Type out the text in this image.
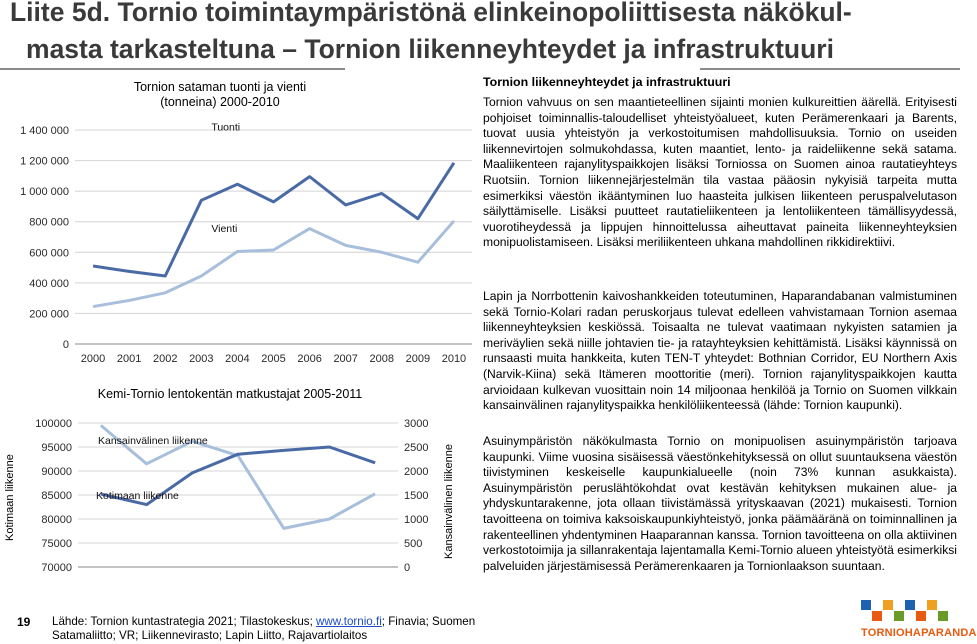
Liite 5d. Tornio toimintaympäristönä elinkeinopoliittisesta näkökul-
masta tarkasteltuna – Tornion liikenneyhteydet ja infrastruktuuri
Tornion sataman tuonti ja vienti
(tonneina) 2000-2010
0
200 000
400 000
600 000
800 000
1 000 000
1 200 000
1 400 000
2000 2001 2002 2003 2004 2005 2006 2007 2008 2009 2010
Tuonti
Vienti
Kemi-Tornio lentokentän matkustajat 2005-2011
70000
75000
80000
85000
90000
95000
100000
0
500
1000
1500
2000
2500
3000
Kansainvälinen liikenne
Kotimaan liikenne
Kotimaan liikenne	Kansainvälinen liikenne
19 Lähde: Tornion kuntastrategia 2021; Tilastokeskus; www.tornio.fi; Finavia; Suomen
Satamaliitto; VR; Liikennevirasto; Lapin Liitto, Rajavartiolaitos
Tornion liikenneyhteydet ja infrastruktuuri
Tornion vahvuus on sen maantieteellinen sijainti monien kulkureittien äärellä. Erityisesti pohjoiset toiminnallis-taloudelliset yhteistyöalueet, kuten Perämerenkaari ja Barents, tuovat uusia yhteistyön ja verkostoitumisen mahdollisuuksia. Tornio on useiden liikennevirtojen solmukohdassa, kuten maantiet, lento- ja raideliikenne sekä satama. Maaliikenteen rajanylityspaikkojen lisäksi Torniossa on Suomen ainoa rautatieyhteys Ruotsiin. Tornion liikennejärjestelmän tila vastaa pääosin nykyisiä tarpeita mutta esimerkiksi väestön ikääntyminen luo haasteita julkisen liikenteen peruspalvelutason säilyttämiselle. Lisäksi puutteet rautatieliikenteen ja lentoliikenteen tämällisyydessä, vuorotiheydessä ja lippujen hinnoittelussa aiheuttavat paineita liikenneyhteyksien monipuolistamiseen. Lisäksi meriliikenteen uhkana mahdollinen rikkidirektiivi.
Lapin ja Norrbottenin kaivoshankkeiden toteutuminen, Haparandabanan valmistuminen sekä Tornio-Kolari radan peruskorjaus tulevat edelleen vahvistamaan Tornion asemaa liikenneyhteyksien keskiössä. Toisaalta ne tulevat vaatimaan nykyisten satamien ja meriväylien sekä niille johtavien tie- ja ratayhteyksien kehittämistä. Lisäksi käynnissä on runsaasti muita hankkeita, kuten TEN-T yhteydet: Bothnian Corridor, EU Northern Axis (Narvik-Kiina) sekä Itämeren moottoritie (meri). Tornion rajanylityspaikkojen kautta arvioidaan kulkevan vuosittain noin 14 miljoonaa henkilöä ja Tornio on Suomen vilkkain kansainvälinen rajanylityspaikka henkilöliikenteessä (lähde: Tornion kaupunki).
Asuinympäristön näkökulmasta Tornio on monipuolisen asuinympäristön tarjoava kaupunki. Viime vuosina sisäisessä väestönkehityksessä on ollut suuntauksena väestön tiivistyminen keskeiselle kaupunkialueelle (noin 73% kunnan asukkaista). Asuinympäristön peruslähtökohdat ovat kestävän kehityksen mukainen alue- ja yhdyskuntarakenne, jota ollaan tiivistämässä yrityskaavan (2021) mukaisesti. Tornion tavoitteena on toimiva kaksoiskaupunkiyhteistyö, jonka päämääränä on toiminnallinen ja rakenteellinen yhdentyminen Haaparannan kanssa. Tornion tavoitteena on olla aktiivinen verkostotoimija ja sillanrakentaja lajentamalla Kemi-Tornio alueen yhteistyötä esimerkiksi palveluiden järjestämisessä Perämerenkaaren ja Tornionlaakson suuntaan.
TORNIOHAPARANDA
